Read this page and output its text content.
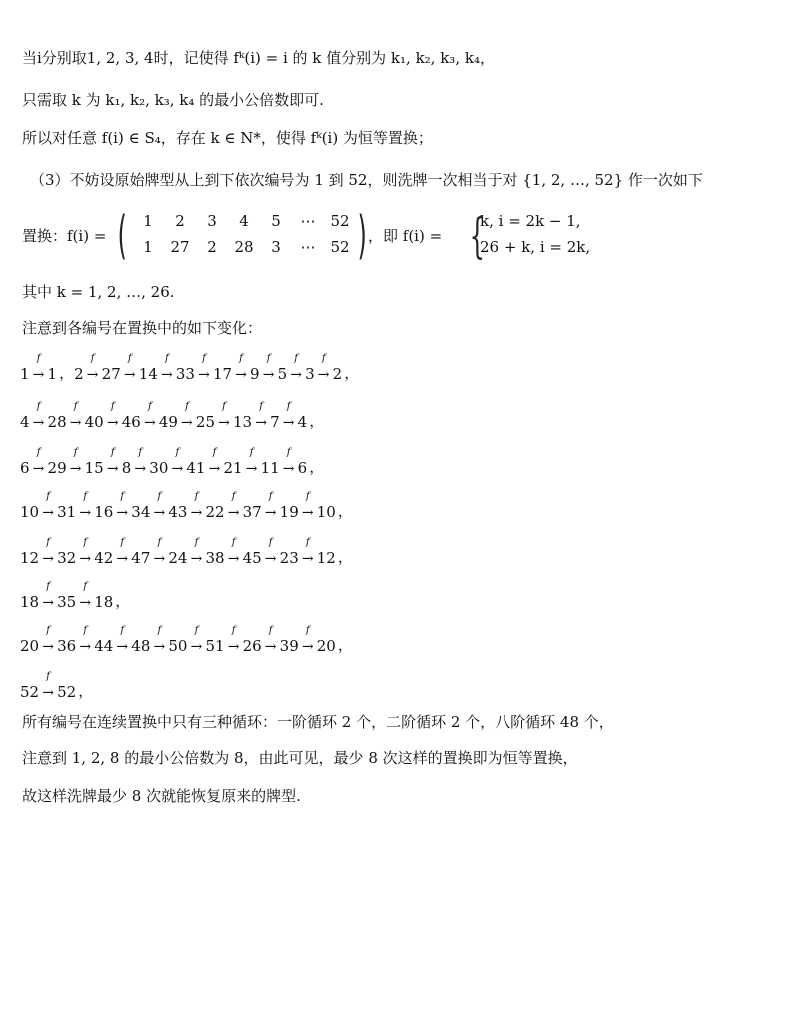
当i分别取1, 2, 3, 4时，记使得 fᵏ(i) = i 的 k 值分别为 k₁, k₂, k₃, k₄，
只需取 k 为 k₁, k₂, k₃, k₄ 的最小公倍数即可.
所以对任意 f(i) ∈ S₄，存在 k ∈ N*，使得 fᵏ(i) 为恒等置换；
（3）不妨设原始牌型从上到下依次编号为 1 到 52，则洗牌一次相当于对 {1, 2, …, 52} 作一次如下
置换：f(i) = (	1 2 3 4 5 ⋯ 52
1 27 2 28 3 ⋯ 52 ) ，即 f(i) = {
k, i = 2k − 1,
26 + k, i = 2k,
其中 k = 1, 2, …, 26.
注意到各编号在置换中的如下变化：
1
f
→ 1 ，2
f
→ 27
f
→ 14
f
→ 33
f
→ 17
f
→ 9
f
→ 5
f
→ 3
f
→ 2 ，
4
f
→ 28
f
→ 40
f
→ 46
f
→ 49
f
→ 25
f
→ 13
f
→ 7
f
→ 4 ，
6
f
→ 29
f
→ 15
f
→ 8
f
→ 30
f
→ 41
f
→ 21
f
→ 11
f
→ 6 ，
10
f
→ 31
f
→ 16
f
→ 34
f
→ 43
f
→ 22
f
→ 37
f
→ 19
f
→ 10 ，
12
f
→ 32
f
→ 42
f
→ 47
f
→ 24
f
→ 38
f
→ 45
f
→ 23
f
→ 12 ，
18
f
→ 35
f
→ 18 ，
20
f
→ 36
f
→ 44
f
→ 48
f
→ 50
f
→ 51
f
→ 26
f
→ 39
f
→ 20 ，
52
f
→ 52 ，
所有编号在连续置换中只有三种循环：一阶循环 2 个，二阶循环 2 个，八阶循环 48 个，
注意到 1, 2, 8 的最小公倍数为 8，由此可见，最少 8 次这样的置换即为恒等置换，
故这样洗牌最少 8 次就能恢复原来的牌型.
